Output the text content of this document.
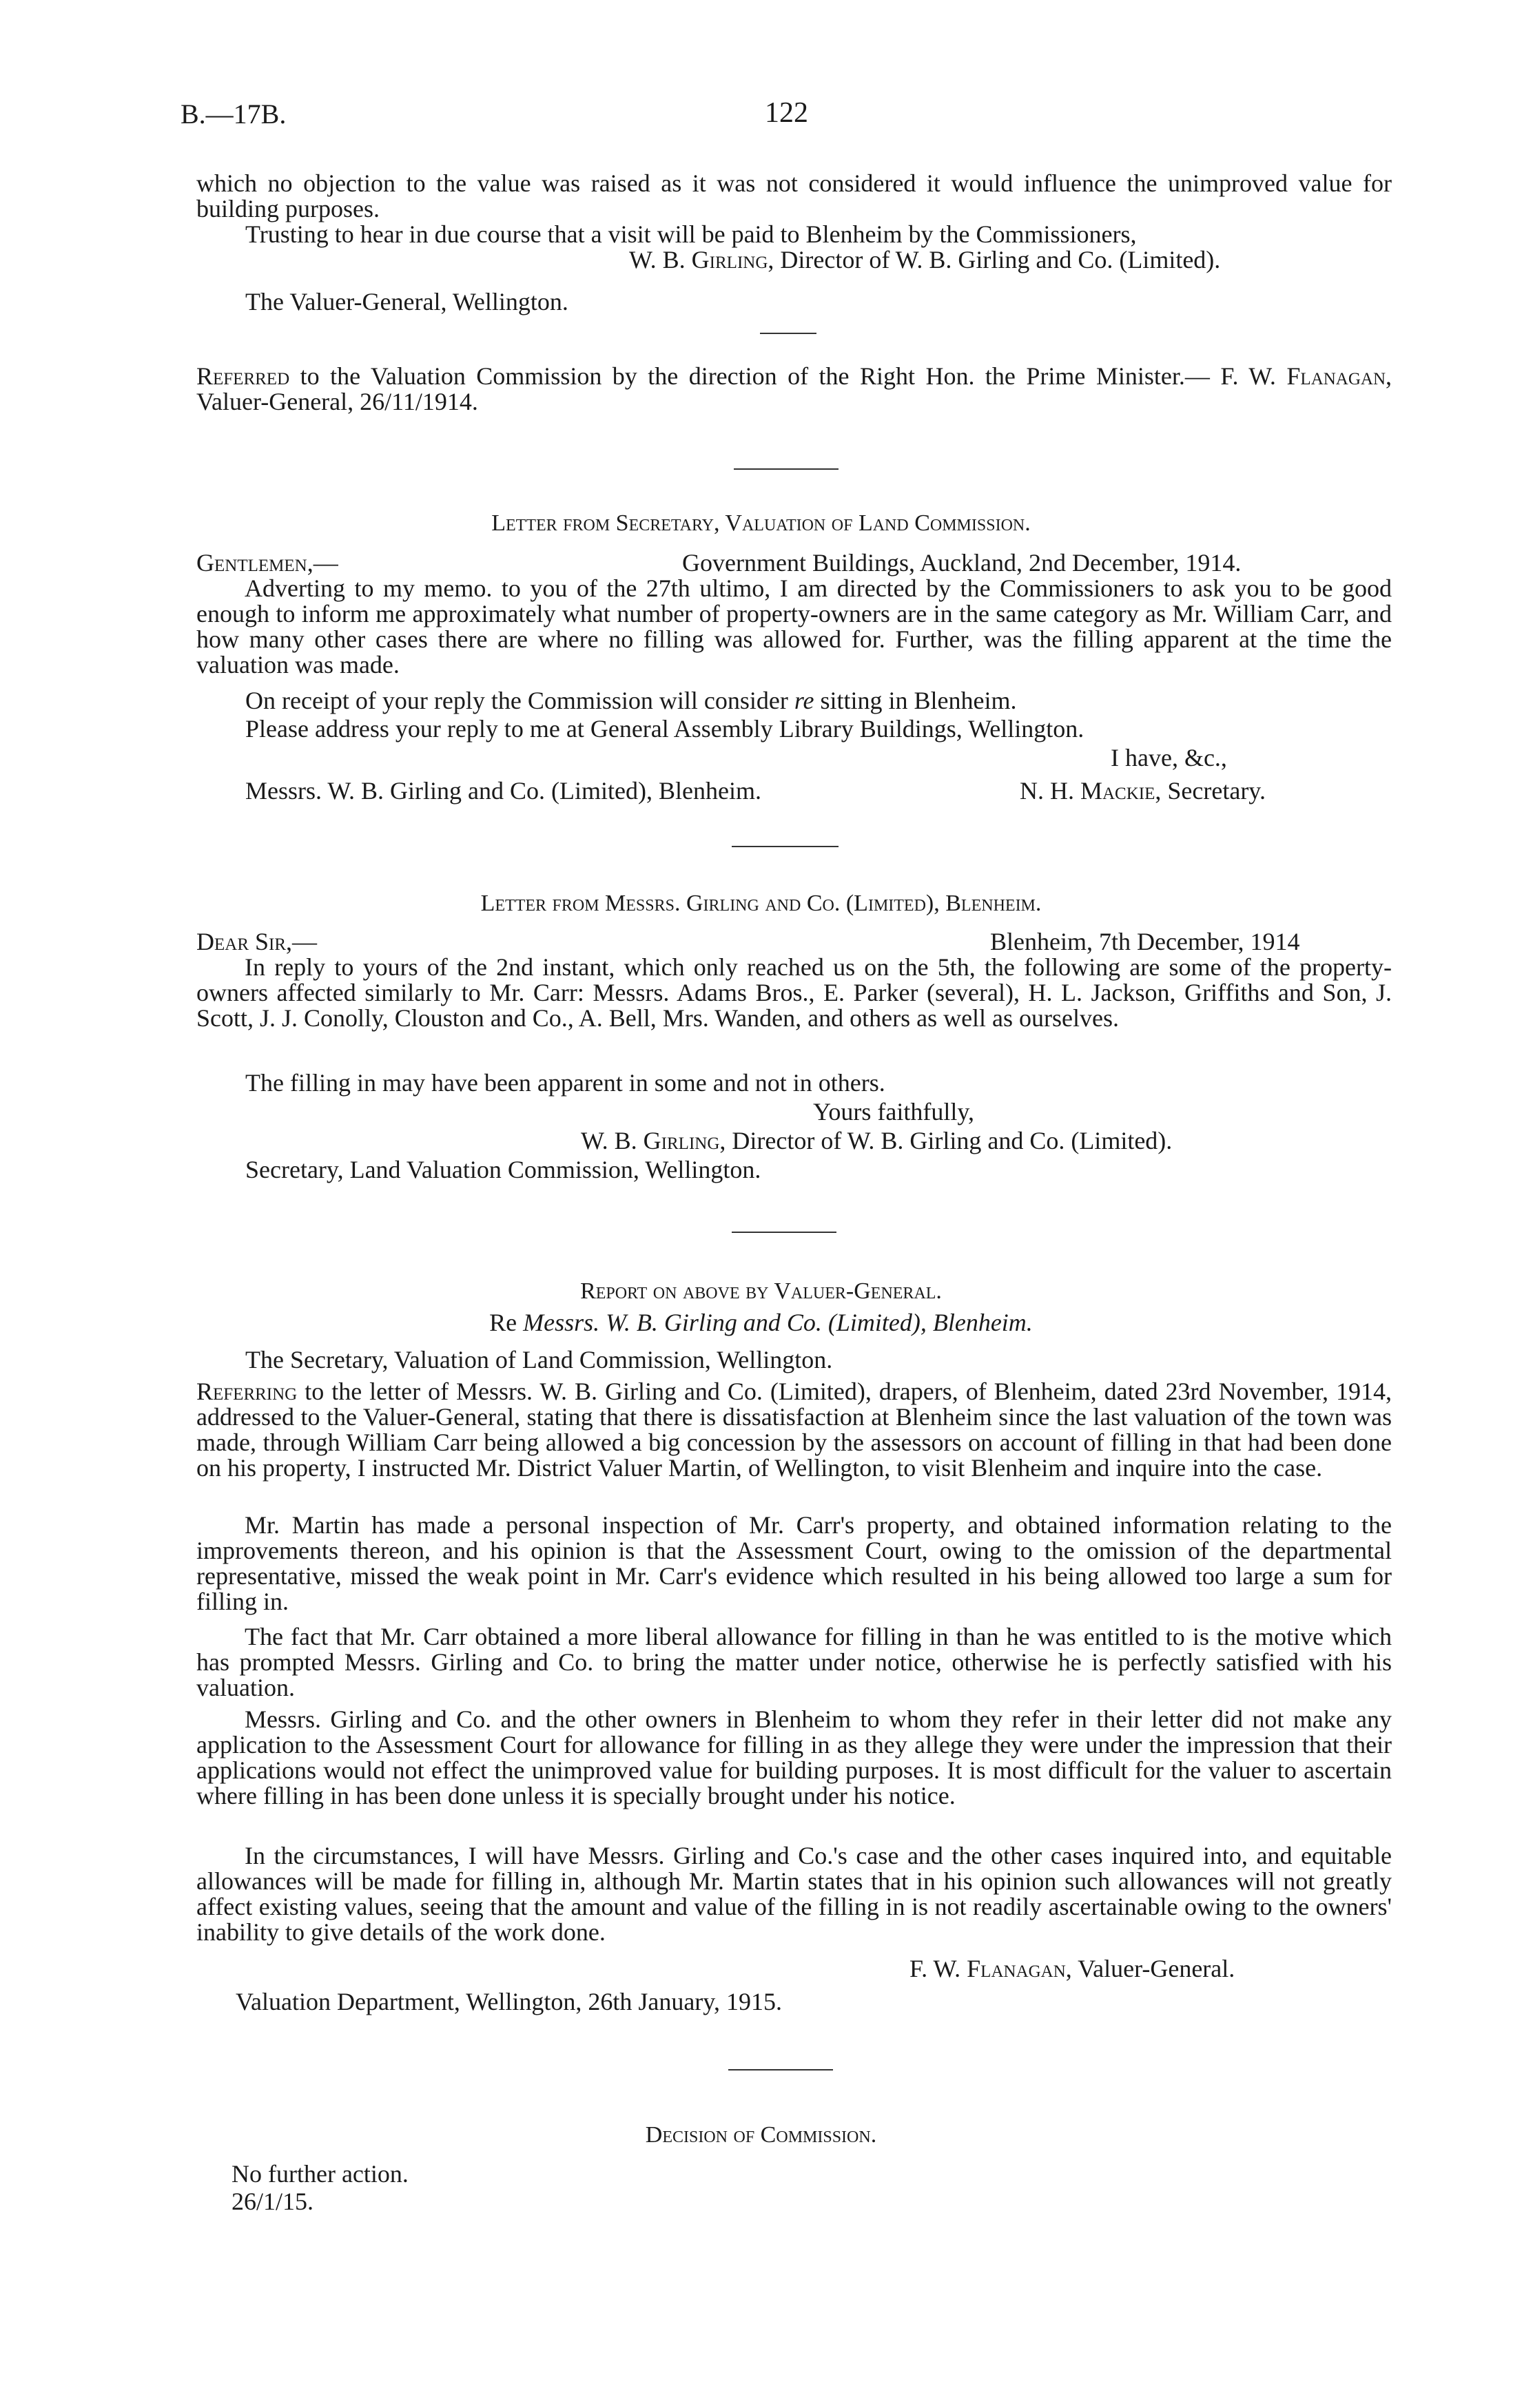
B.—17B.	122
which no objection to the value was raised as it was not considered it would influence the unimproved value for building purposes.
Trusting to hear in due course that a visit will be paid to Blenheim by the Commissioners,
W. B. Girling, Director of W. B. Girling and Co. (Limited).
The Valuer-General, Wellington.
Referred to the Valuation Commission by the direction of the Right Hon. the Prime Minister.— F. W. Flanagan, Valuer-General, 26/11/1914.
Letter from Secretary, Valuation of Land Commission.
Gentlemen,—	Government Buildings, Auckland, 2nd December, 1914.
Adverting to my memo. to you of the 27th ultimo, I am directed by the Commissioners to ask you to be good enough to inform me approximately what number of property-owners are in the same category as Mr. William Carr, and how many other cases there are where no filling was allowed for. Further, was the filling apparent at the time the valuation was made.
On receipt of your reply the Commission will consider re sitting in Blenheim.
Please address your reply to me at General Assembly Library Buildings, Wellington.
I have, &c.,
Messrs. W. B. Girling and Co. (Limited), Blenheim.	N. H. Mackie, Secretary.
Letter from Messrs. Girling and Co. (Limited), Blenheim.
Dear Sir,—	Blenheim, 7th December, 1914
In reply to yours of the 2nd instant, which only reached us on the 5th, the following are some of the property-owners affected similarly to Mr. Carr: Messrs. Adams Bros., E. Parker (several), H. L. Jackson, Griffiths and Son, J. Scott, J. J. Conolly, Clouston and Co., A. Bell, Mrs. Wanden, and others as well as ourselves.
The filling in may have been apparent in some and not in others.
Yours faithfully,
W. B. Girling, Director of W. B. Girling and Co. (Limited).
Secretary, Land Valuation Commission, Wellington.
Report on above by Valuer-General.
Re Messrs. W. B. Girling and Co. (Limited), Blenheim.
The Secretary, Valuation of Land Commission, Wellington.
Referring to the letter of Messrs. W. B. Girling and Co. (Limited), drapers, of Blenheim, dated 23rd November, 1914, addressed to the Valuer-General, stating that there is dissatisfaction at Blenheim since the last valuation of the town was made, through William Carr being allowed a big concession by the assessors on account of filling in that had been done on his property, I instructed Mr. District Valuer Martin, of Wellington, to visit Blenheim and inquire into the case.
Mr. Martin has made a personal inspection of Mr. Carr's property, and obtained information relating to the improvements thereon, and his opinion is that the Assessment Court, owing to the omission of the departmental representative, missed the weak point in Mr. Carr's evidence which resulted in his being allowed too large a sum for filling in.
The fact that Mr. Carr obtained a more liberal allowance for filling in than he was entitled to is the motive which has prompted Messrs. Girling and Co. to bring the matter under notice, otherwise he is perfectly satisfied with his valuation.
Messrs. Girling and Co. and the other owners in Blenheim to whom they refer in their letter did not make any application to the Assessment Court for allowance for filling in as they allege they were under the impression that their applications would not effect the unimproved value for building purposes. It is most difficult for the valuer to ascertain where filling in has been done unless it is specially brought under his notice.
In the circumstances, I will have Messrs. Girling and Co.'s case and the other cases inquired into, and equitable allowances will be made for filling in, although Mr. Martin states that in his opinion such allowances will not greatly affect existing values, seeing that the amount and value of the filling in is not readily ascertainable owing to the owners' inability to give details of the work done.
F. W. Flanagan, Valuer-General.
Valuation Department, Wellington, 26th January, 1915.
Decision of Commission.
No further action.
26/1/15.
